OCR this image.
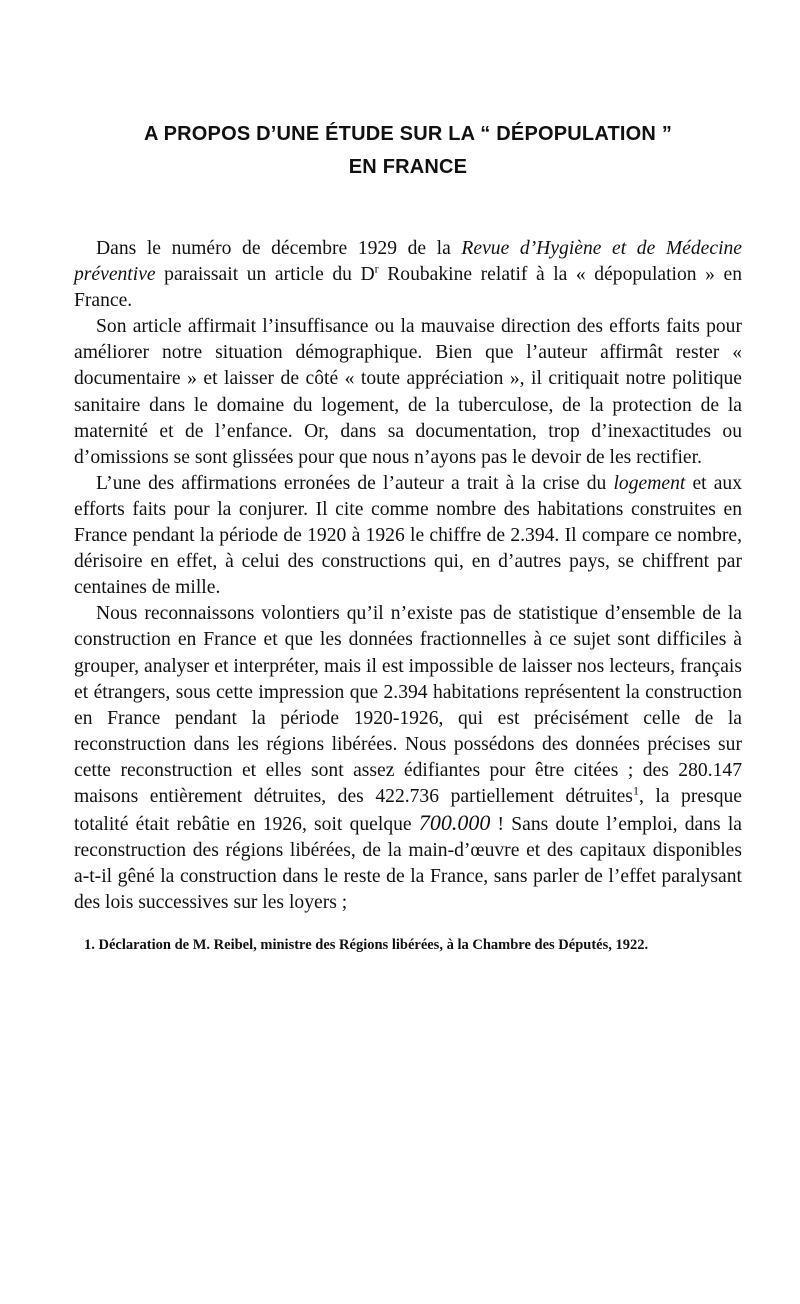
A PROPOS D’UNE ÉTUDE SUR LA “ DÉPOPULATION ”
EN FRANCE

Dans le numéro de décembre 1929 de la Revue d’Hygiène et de Médecine préventive paraissait un article du $D^r$ Roubakine relatif à la « dépopulation » en France.

Son article affirmait l’insuffisance ou la mauvaise direction des efforts faits pour améliorer notre situation démographique. Bien que l’auteur affirmât rester « documentaire » et laisser de côté « toute appréciation », il critiquait notre politique sanitaire dans le domaine du logement, de la tuberculose, de la protection de la maternité et de l’enfance. Or, dans sa documentation, trop d’inexactitudes ou d’omissions se sont glissées pour que nous n’ayons pas le devoir de les rectifier.

L’une des affirmations erronées de l’auteur a trait à la crise du logement et aux efforts faits pour la conjurer. Il cite comme nombre des habitations construites en France pendant la période de 1920 à 1926 le chiffre de 2.394. Il compare ce nombre, dérisoire en effet, à celui des constructions qui, en d’autres pays, se chiffrent par centaines de mille.

Nous reconnaissons volontiers qu’il n’existe pas de statistique d’ensemble de la construction en France et que les données fractionnelles à ce sujet sont difficiles à grouper, analyser et interpréter, mais il est impossible de laisser nos lecteurs, français et étrangers, sous cette impression que 2.394 habitations représentent la construction en France pendant la période 1920-1926, qui est précisément celle de la reconstruction dans les régions libérées. Nous possédons des données précises sur cette reconstruction et elles sont assez édifiantes pour être citées ; des 280.147 maisons entièrement détruites, des 422.736 partiellement détruites$^1$, la presque totalité était rebâtie en 1926, soit quelque 700.000 ! Sans doute l’emploi, dans la reconstruction des régions libérées, de la main-d’œuvre et des capitaux disponibles a-t-il gêné la construction dans le reste de la France, sans parler de l’effet paralysant des lois successives sur les loyers ;

1. Déclaration de M. Reibel, ministre des Régions libérées, à la Chambre des Députés, 1922.
